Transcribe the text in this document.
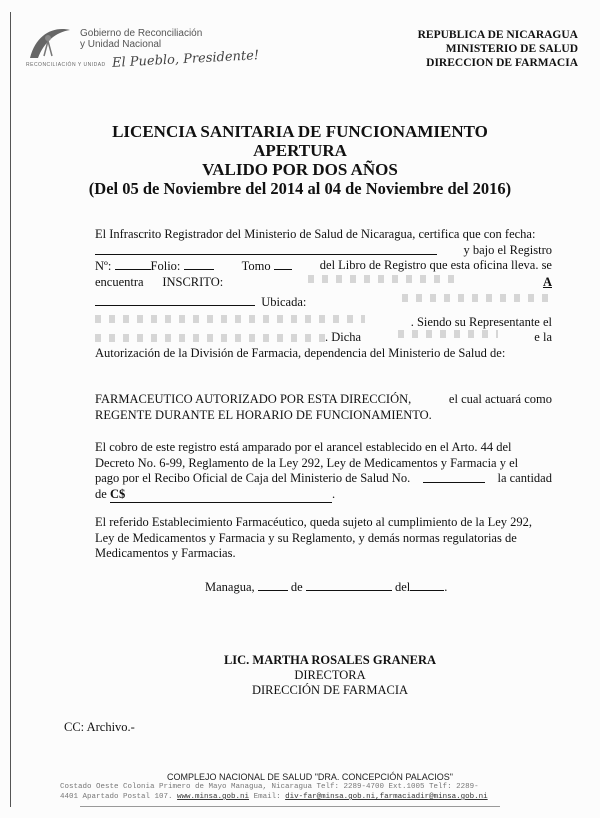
Gobierno de Reconciliación
y Unidad Nacional
RECONCILIACIÓN Y UNIDAD El Pueblo, Presidente!
REPUBLICA DE NICARAGUA
MINISTERIO DE SALUD
DIRECCION DE FARMACIA
LICENCIA SANITARIA DE FUNCIONAMIENTO
APERTURA
VALIDO POR DOS AÑOS
(Del 05 de Noviembre del 2014 al 04 de Noviembre del 2016)
El Infrascrito Registrador del Ministerio de Salud de Nicaragua, certifica que con fecha:
y bajo el Registro
Nº:	Folio:	Tomo	del Libro de Registro que esta oficina lleva. se
encuentra INSCRITO:	A
Ubicada:
. Siendo su Representante el
. Dicha	e la
Autorización de la División de Farmacia, dependencia del Ministerio de Salud de:
FARMACEUTICO AUTORIZADO POR ESTA DIRECCIÓN,	el cual actuará como
REGENTE DURANTE EL HORARIO DE FUNCIONAMIENTO.
El cobro de este registro está amparado por el arancel establecido en el Arto. 44 del
Decreto No. 6-99, Reglamento de la Ley 292, Ley de Medicamentos y Farmacia y el
pago por el Recibo Oficial de Caja del Ministerio de Salud No.	la cantidad
de C$	.
El referido Establecimiento Farmacéutico, queda sujeto al cumplimiento de la Ley 292,
Ley de Medicamentos y Farmacia y su Reglamento, y demás normas regulatorias de
Medicamentos y Farmacias.
Managua,	de	del	.
LIC. MARTHA ROSALES GRANERA
DIRECTORA
DIRECCIÓN DE FARMACIA
CC: Archivo.-
COMPLEJO NACIONAL DE SALUD "DRA. CONCEPCIÓN PALACIOS"
Costado Oeste Colonia Primero de Mayo Managua, Nicaragua Telf: 2289-4700 Ext.1005 Telf: 2289-
4401 Apartado Postal 107. www.minsa.gob.ni Email: div-far@minsa.gob.ni,farmaciadir@minsa.gob.ni
